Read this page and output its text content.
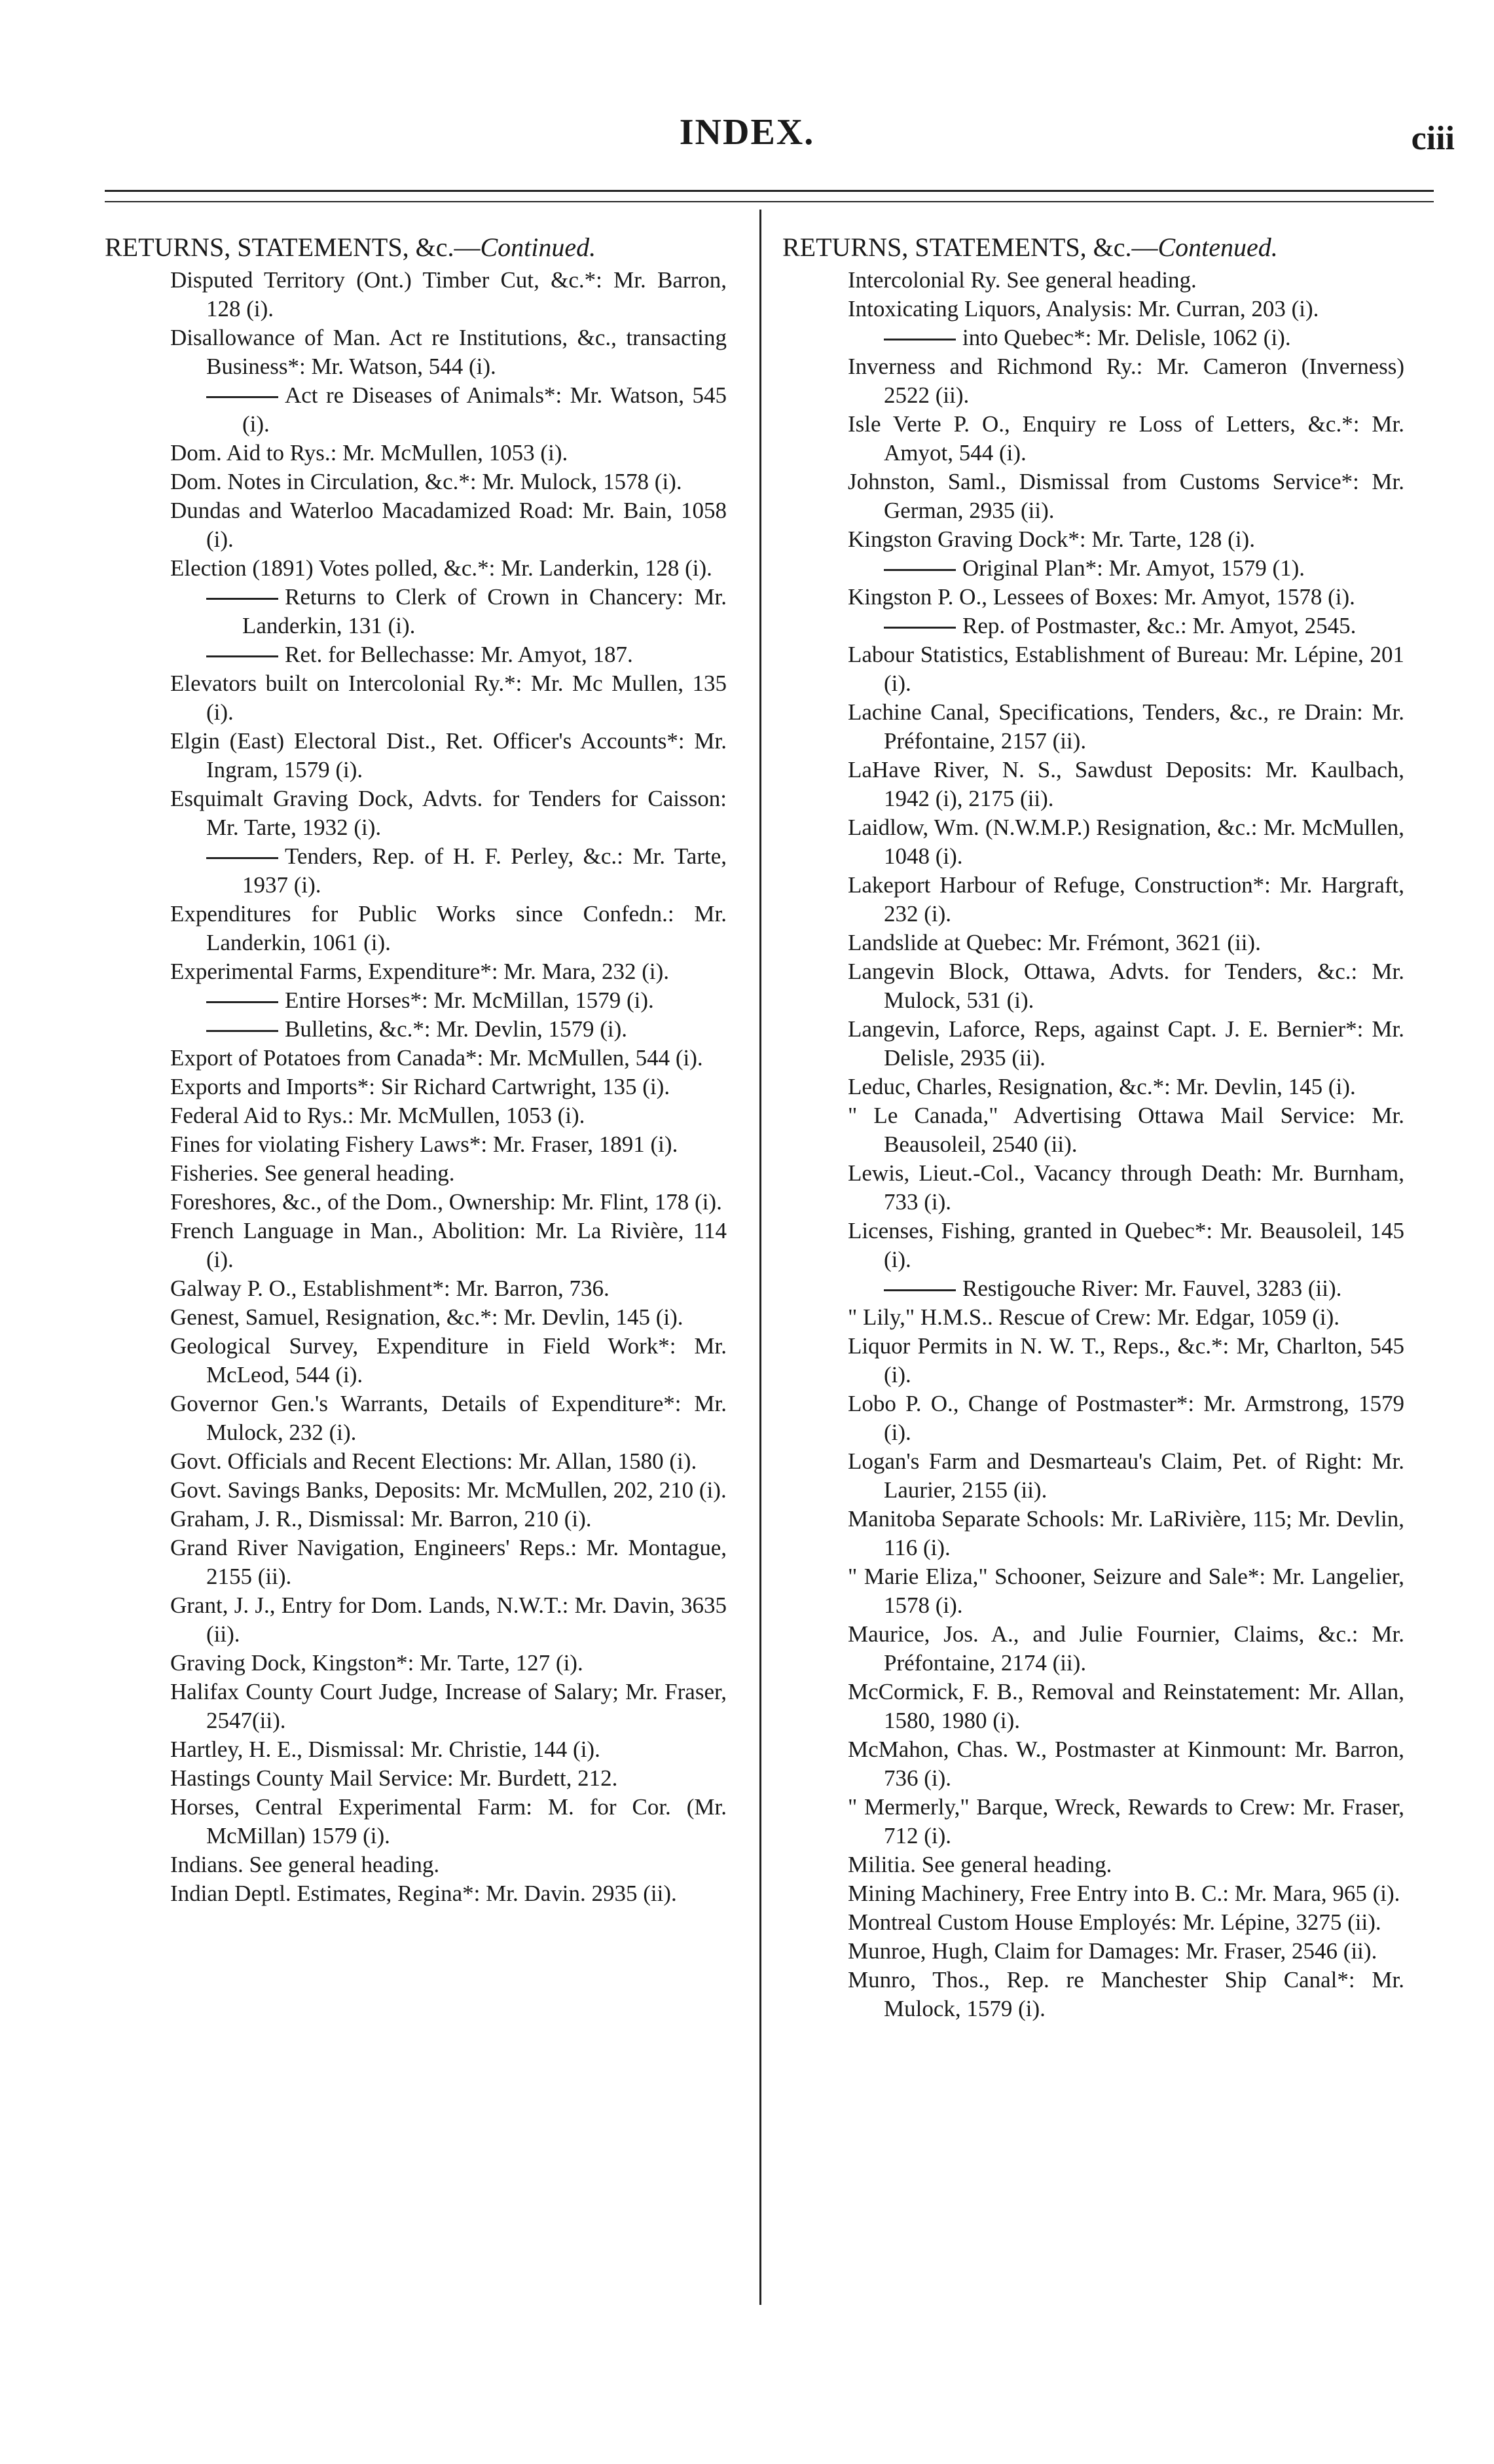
INDEX.	ciii
RETURNS, STATEMENTS, &c.—Continued.
Disputed Territory (Ont.) Timber Cut, &c.*: Mr. Barron, 128 (i).
Disallowance of Man. Act re Institutions, &c., transacting Business*: Mr. Watson, 544 (i).
Act re Diseases of Animals*: Mr. Watson, 545 (i).
Dom. Aid to Rys.: Mr. McMullen, 1053 (i).
Dom. Notes in Circulation, &c.*: Mr. Mulock, 1578 (i).
Dundas and Waterloo Macadamized Road: Mr. Bain, 1058 (i).
Election (1891) Votes polled, &c.*: Mr. Landerkin, 128 (i).
Returns to Clerk of Crown in Chancery: Mr. Landerkin, 131 (i).
Ret. for Bellechasse: Mr. Amyot, 187.
Elevators built on Intercolonial Ry.*: Mr. Mc Mullen, 135 (i).
Elgin (East) Electoral Dist., Ret. Officer's Accounts*: Mr. Ingram, 1579 (i).
Esquimalt Graving Dock, Advts. for Tenders for Caisson: Mr. Tarte, 1932 (i).
Tenders, Rep. of H. F. Perley, &c.: Mr. Tarte, 1937 (i).
Expenditures for Public Works since Confedn.: Mr. Landerkin, 1061 (i).
Experimental Farms, Expenditure*: Mr. Mara, 232 (i).
Entire Horses*: Mr. McMillan, 1579 (i).
Bulletins, &c.*: Mr. Devlin, 1579 (i).
Export of Potatoes from Canada*: Mr. McMullen, 544 (i).
Exports and Imports*: Sir Richard Cartwright, 135 (i).
Federal Aid to Rys.: Mr. McMullen, 1053 (i).
Fines for violating Fishery Laws*: Mr. Fraser, 1891 (i).
Fisheries. See general heading.
Foreshores, &c., of the Dom., Ownership: Mr. Flint, 178 (i).
French Language in Man., Abolition: Mr. La Rivière, 114 (i).
Galway P. O., Establishment*: Mr. Barron, 736.
Genest, Samuel, Resignation, &c.*: Mr. Devlin, 145 (i).
Geological Survey, Expenditure in Field Work*: Mr. McLeod, 544 (i).
Governor Gen.'s Warrants, Details of Expenditure*: Mr. Mulock, 232 (i).
Govt. Officials and Recent Elections: Mr. Allan, 1580 (i).
Govt. Savings Banks, Deposits: Mr. McMullen, 202, 210 (i).
Graham, J. R., Dismissal: Mr. Barron, 210 (i).
Grand River Navigation, Engineers' Reps.: Mr. Montague, 2155 (ii).
Grant, J. J., Entry for Dom. Lands, N.W.T.: Mr. Davin, 3635 (ii).
Graving Dock, Kingston*: Mr. Tarte, 127 (i).
Halifax County Court Judge, Increase of Salary; Mr. Fraser, 2547(ii).
Hartley, H. E., Dismissal: Mr. Christie, 144 (i).
Hastings County Mail Service: Mr. Burdett, 212.
Horses, Central Experimental Farm: M. for Cor. (Mr. McMillan) 1579 (i).
Indians. See general heading.
Indian Deptl. Estimates, Regina*: Mr. Davin. 2935 (ii).
RETURNS, STATEMENTS, &c.—Contenued.
Intercolonial Ry. See general heading.
Intoxicating Liquors, Analysis: Mr. Curran, 203 (i).
into Quebec*: Mr. Delisle, 1062 (i).
Inverness and Richmond Ry.: Mr. Cameron (Inverness) 2522 (ii).
Isle Verte P. O., Enquiry re Loss of Letters, &c.*: Mr. Amyot, 544 (i).
Johnston, Saml., Dismissal from Customs Service*: Mr. German, 2935 (ii).
Kingston Graving Dock*: Mr. Tarte, 128 (i).
Original Plan*: Mr. Amyot, 1579 (1).
Kingston P. O., Lessees of Boxes: Mr. Amyot, 1578 (i).
Rep. of Postmaster, &c.: Mr. Amyot, 2545.
Labour Statistics, Establishment of Bureau: Mr. Lépine, 201 (i).
Lachine Canal, Specifications, Tenders, &c., re Drain: Mr. Préfontaine, 2157 (ii).
LaHave River, N. S., Sawdust Deposits: Mr. Kaulbach, 1942 (i), 2175 (ii).
Laidlow, Wm. (N.W.M.P.) Resignation, &c.: Mr. McMullen, 1048 (i).
Lakeport Harbour of Refuge, Construction*: Mr. Hargraft, 232 (i).
Landslide at Quebec: Mr. Frémont, 3621 (ii).
Langevin Block, Ottawa, Advts. for Tenders, &c.: Mr. Mulock, 531 (i).
Langevin, Laforce, Reps, against Capt. J. E. Bernier*: Mr. Delisle, 2935 (ii).
Leduc, Charles, Resignation, &c.*: Mr. Devlin, 145 (i).
" Le Canada," Advertising Ottawa Mail Service: Mr. Beausoleil, 2540 (ii).
Lewis, Lieut.-Col., Vacancy through Death: Mr. Burnham, 733 (i).
Licenses, Fishing, granted in Quebec*: Mr. Beausoleil, 145 (i).
Restigouche River: Mr. Fauvel, 3283 (ii).
" Lily," H.M.S.. Rescue of Crew: Mr. Edgar, 1059 (i).
Liquor Permits in N. W. T., Reps., &c.*: Mr, Charlton, 545 (i).
Lobo P. O., Change of Postmaster*: Mr. Armstrong, 1579 (i).
Logan's Farm and Desmarteau's Claim, Pet. of Right: Mr. Laurier, 2155 (ii).
Manitoba Separate Schools: Mr. LaRivière, 115; Mr. Devlin, 116 (i).
" Marie Eliza," Schooner, Seizure and Sale*: Mr. Langelier, 1578 (i).
Maurice, Jos. A., and Julie Fournier, Claims, &c.: Mr. Préfontaine, 2174 (ii).
McCormick, F. B., Removal and Reinstatement: Mr. Allan, 1580, 1980 (i).
McMahon, Chas. W., Postmaster at Kinmount: Mr. Barron, 736 (i).
" Mermerly," Barque, Wreck, Rewards to Crew: Mr. Fraser, 712 (i).
Militia. See general heading.
Mining Machinery, Free Entry into B. C.: Mr. Mara, 965 (i).
Montreal Custom House Employés: Mr. Lépine, 3275 (ii).
Munroe, Hugh, Claim for Damages: Mr. Fraser, 2546 (ii).
Munro, Thos., Rep. re Manchester Ship Canal*: Mr. Mulock, 1579 (i).
